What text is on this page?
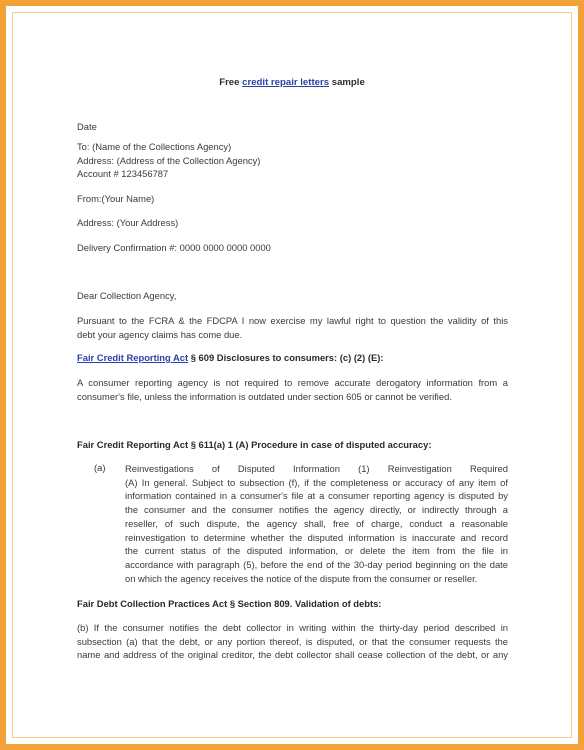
Free credit repair letters sample
Date
To: (Name of the Collections Agency)
Address: (Address of the Collection Agency)
Account # 123456787
From:(Your Name)
Address: (Your Address)
Delivery Confirmation #: 0000 0000 0000 0000
Dear Collection Agency,
Pursuant to the FCRA & the FDCPA I now exercise my lawful right to question the validity of this
debt your agency claims has come due.
Fair Credit Reporting Act § 609 Disclosures to consumers: (c) (2) (E):
A consumer reporting agency is not required to remove accurate derogatory information from a
consumer's file, unless the information is outdated under section 605 or cannot be verified.
Fair Credit Reporting Act § 611(a) 1 (A) Procedure in case of disputed accuracy:
(a) Reinvestigations of Disputed Information (1) Reinvestigation Required
(A) In general. Subject to subsection (f), if the completeness or accuracy of any item of
information contained in a consumer's file at a consumer reporting agency is disputed by
the consumer and the consumer notifies the agency directly, or indirectly through a
reseller, of such dispute, the agency shall, free of charge, conduct a reasonable
reinvestigation to determine whether the disputed information is inaccurate and record
the current status of the disputed information, or delete the item from the file in
accordance with paragraph (5), before the end of the 30-day period beginning on the date
on which the agency receives the notice of the dispute from the consumer or reseller.
Fair Debt Collection Practices Act § Section 809. Validation of debts:
(b) If the consumer notifies the debt collector in writing within the thirty-day period described in
subsection (a) that the debt, or any portion thereof, is disputed, or that the consumer requests the
name and address of the original creditor, the debt collector shall cease collection of the debt, or any
